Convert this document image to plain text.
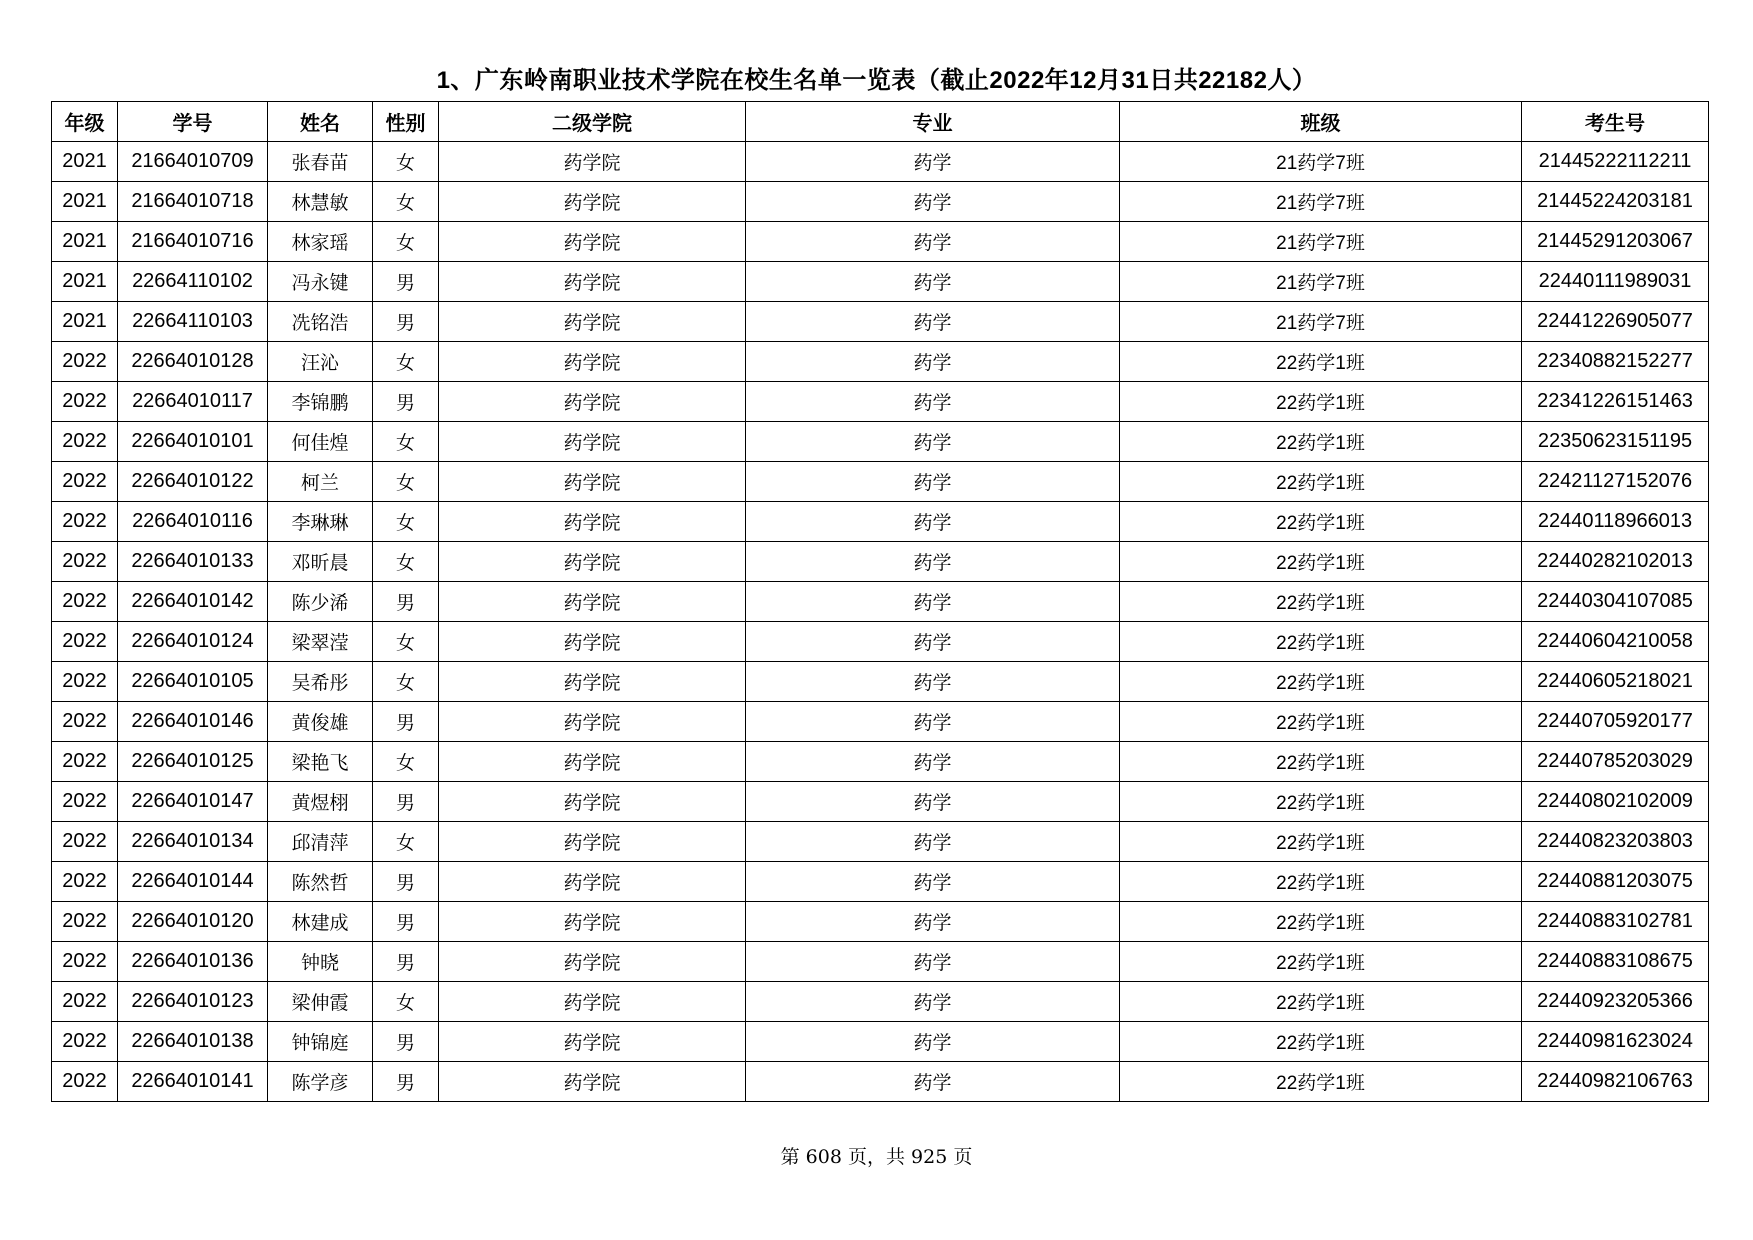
1、广东岭南职业技术学院在校生名单一览表（截止2022年12月31日共22182人）
年级	学号	姓名	性别	二级学院	专业	班级	考生号
2021	21664010709	张春苗	女	药学院	药学	21药学7班	21445222112211
2021	21664010718	林慧敏	女	药学院	药学	21药学7班	21445224203181
2021	21664010716	林家瑶	女	药学院	药学	21药学7班	21445291203067
2021	22664110102	冯永键	男	药学院	药学	21药学7班	22440111989031
2021	22664110103	冼铭浩	男	药学院	药学	21药学7班	22441226905077
2022	22664010128	汪沁	女	药学院	药学	22药学1班	22340882152277
2022	22664010117	李锦鹏	男	药学院	药学	22药学1班	22341226151463
2022	22664010101	何佳煌	女	药学院	药学	22药学1班	22350623151195
2022	22664010122	柯兰	女	药学院	药学	22药学1班	22421127152076
2022	22664010116	李琳琳	女	药学院	药学	22药学1班	22440118966013
2022	22664010133	邓昕晨	女	药学院	药学	22药学1班	22440282102013
2022	22664010142	陈少浠	男	药学院	药学	22药学1班	22440304107085
2022	22664010124	梁翠滢	女	药学院	药学	22药学1班	22440604210058
2022	22664010105	吴希彤	女	药学院	药学	22药学1班	22440605218021
2022	22664010146	黄俊雄	男	药学院	药学	22药学1班	22440705920177
2022	22664010125	梁艳飞	女	药学院	药学	22药学1班	22440785203029
2022	22664010147	黄煜栩	男	药学院	药学	22药学1班	22440802102009
2022	22664010134	邱清萍	女	药学院	药学	22药学1班	22440823203803
2022	22664010144	陈然哲	男	药学院	药学	22药学1班	22440881203075
2022	22664010120	林建成	男	药学院	药学	22药学1班	22440883102781
2022	22664010136	钟晓	男	药学院	药学	22药学1班	22440883108675
2022	22664010123	梁伸霞	女	药学院	药学	22药学1班	22440923205366
2022	22664010138	钟锦庭	男	药学院	药学	22药学1班	22440981623024
2022	22664010141	陈学彦	男	药学院	药学	22药学1班	22440982106763
第 608 页，共 925 页
